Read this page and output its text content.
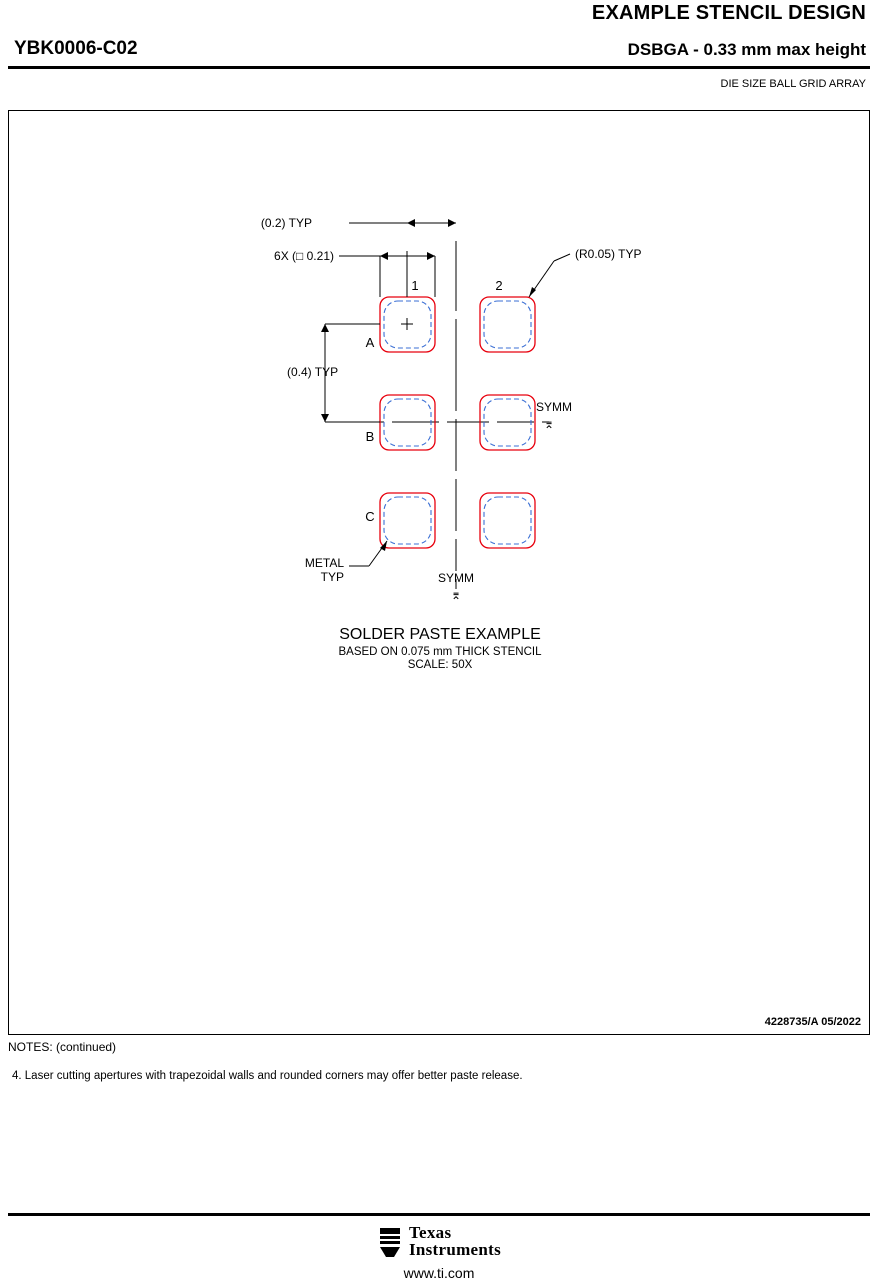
EXAMPLE STENCIL DESIGN
YBK0006-C02	DSBGA - 0.33 mm max height
DIE SIZE BALL GRID ARRAY
(0.2) TYP
6X (□ 0.21)	(R0.05) TYP
(0.4) TYP
1	2
A
B
C
SYMM
⌆
SYMM
⌆
METAL
TYP
SOLDER PASTE EXAMPLE
BASED ON 0.075 mm THICK STENCIL
SCALE: 50X
4228735/A 05/2022
NOTES: (continued)
4. Laser cutting apertures with trapezoidal walls and rounded corners may offer better paste release.
Texas
Instruments
www.ti.com
